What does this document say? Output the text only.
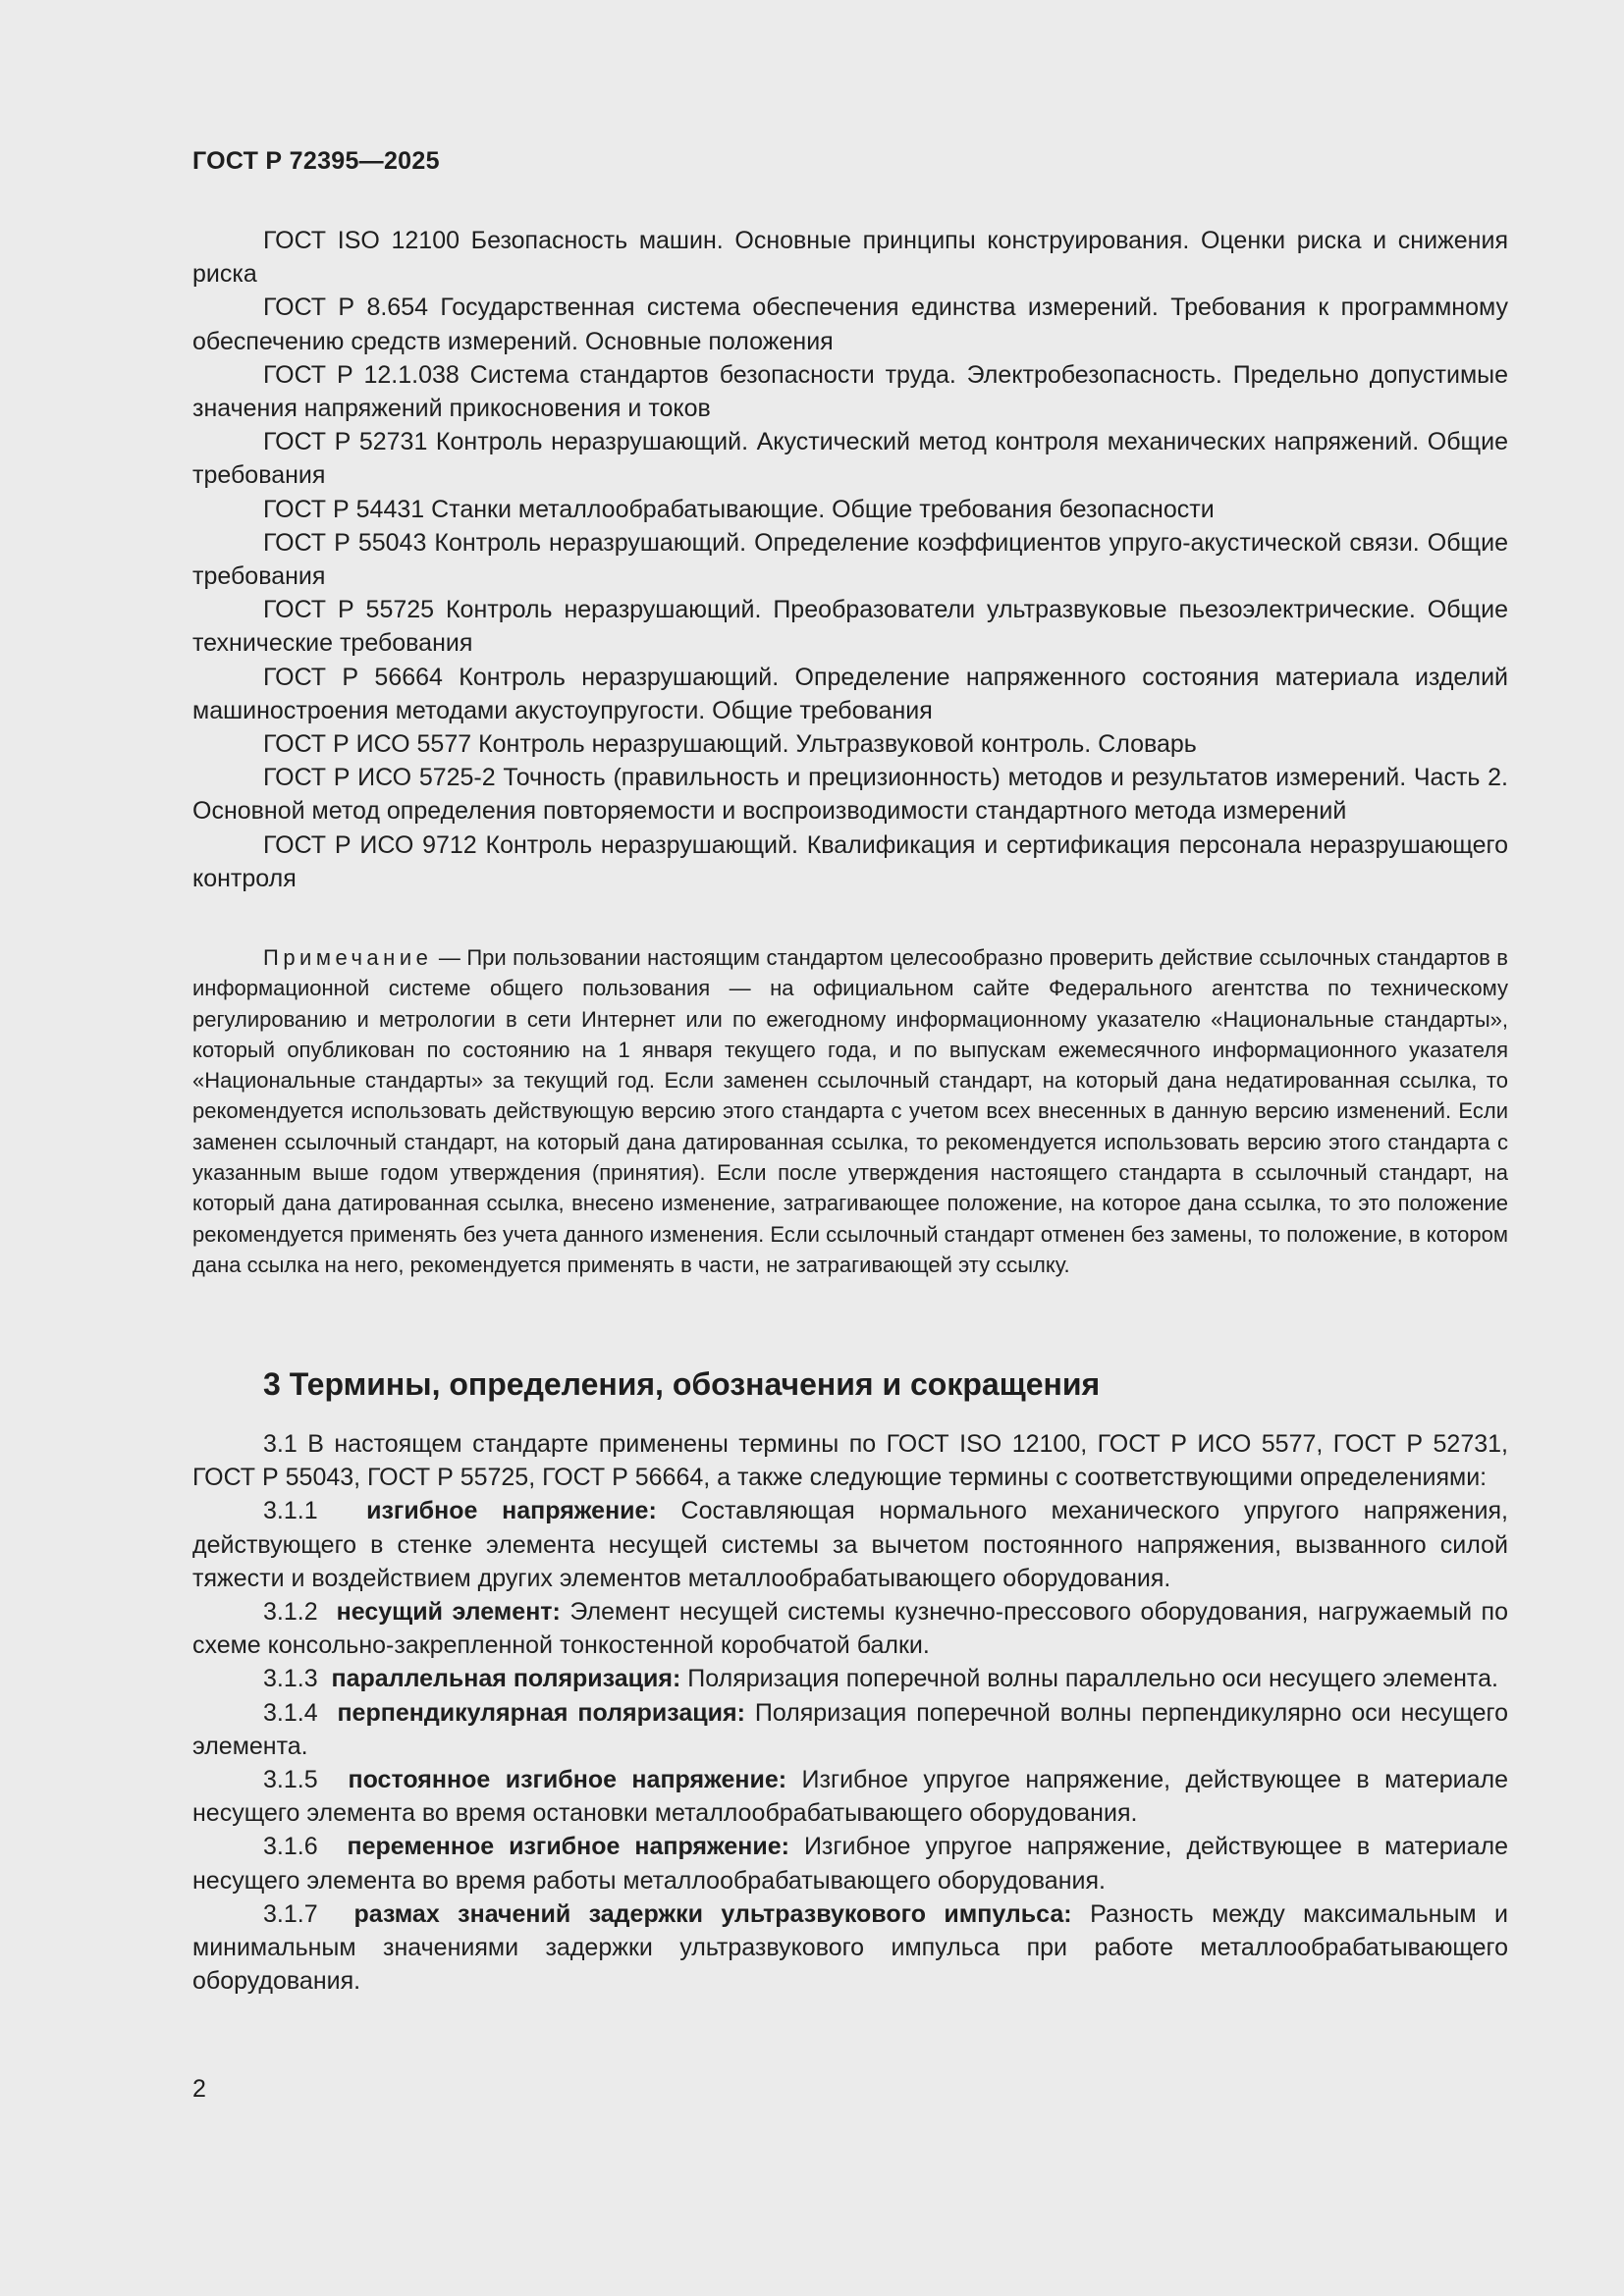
ГОСТ Р 72395—2025

ГОСТ ISO 12100 Безопасность машин. Основные принципы конструирования. Оценки риска и снижения риска

ГОСТ Р 8.654 Государственная система обеспечения единства измерений. Требования к программному обеспечению средств измерений. Основные положения

ГОСТ Р 12.1.038 Система стандартов безопасности труда. Электробезопасность. Предельно допустимые значения напряжений прикосновения и токов

ГОСТ Р 52731 Контроль неразрушающий. Акустический метод контроля механических напряжений. Общие требования

ГОСТ Р 54431 Станки металлообрабатывающие. Общие требования безопасности

ГОСТ Р 55043 Контроль неразрушающий. Определение коэффициентов упруго-акустической связи. Общие требования

ГОСТ Р 55725 Контроль неразрушающий. Преобразователи ультразвуковые пьезоэлектрические. Общие технические требования

ГОСТ Р 56664 Контроль неразрушающий. Определение напряженного состояния материала изделий машиностроения методами акустоупругости. Общие требования

ГОСТ Р ИСО 5577 Контроль неразрушающий. Ультразвуковой контроль. Словарь

ГОСТ Р ИСО 5725-2 Точность (правильность и прецизионность) методов и результатов измерений. Часть 2. Основной метод определения повторяемости и воспроизводимости стандартного метода измерений

ГОСТ Р ИСО 9712 Контроль неразрушающий. Квалификация и сертификация персонала неразрушающего контроля

Примечание — При пользовании настоящим стандартом целесообразно проверить действие ссылочных стандартов в информационной системе общего пользования — на официальном сайте Федерального агентства по техническому регулированию и метрологии в сети Интернет или по ежегодному информационному указателю «Национальные стандарты», который опубликован по состоянию на 1 января текущего года, и по выпускам ежемесячного информационного указателя «Национальные стандарты» за текущий год. Если заменен ссылочный стандарт, на который дана недатированная ссылка, то рекомендуется использовать действующую версию этого стандарта с учетом всех внесенных в данную версию изменений. Если заменен ссылочный стандарт, на который дана датированная ссылка, то рекомендуется использовать версию этого стандарта с указанным выше годом утверждения (принятия). Если после утверждения настоящего стандарта в ссылочный стандарт, на который дана датированная ссылка, внесено изменение, затрагивающее положение, на которое дана ссылка, то это положение рекомендуется применять без учета данного изменения. Если ссылочный стандарт отменен без замены, то положение, в котором дана ссылка на него, рекомендуется применять в части, не затрагивающей эту ссылку.

3 Термины, определения, обозначения и сокращения

3.1 В настоящем стандарте применены термины по ГОСТ ISO 12100, ГОСТ Р ИСО 5577, ГОСТ Р 52731, ГОСТ Р 55043, ГОСТ Р 55725, ГОСТ Р 56664, а также следующие термины с соответствующими определениями:

3.1.1 изгибное напряжение: Составляющая нормального механического упругого напряжения, действующего в стенке элемента несущей системы за вычетом постоянного напряжения, вызванного силой тяжести и воздействием других элементов металлообрабатывающего оборудования.

3.1.2 несущий элемент: Элемент несущей системы кузнечно-прессового оборудования, нагружаемый по схеме консольно-закрепленной тонкостенной коробчатой балки.

3.1.3 параллельная поляризация: Поляризация поперечной волны параллельно оси несущего элемента.

3.1.4 перпендикулярная поляризация: Поляризация поперечной волны перпендикулярно оси несущего элемента.

3.1.5 постоянное изгибное напряжение: Изгибное упругое напряжение, действующее в материале несущего элемента во время остановки металлообрабатывающего оборудования.

3.1.6 переменное изгибное напряжение: Изгибное упругое напряжение, действующее в материале несущего элемента во время работы металлообрабатывающего оборудования.

3.1.7 размах значений задержки ультразвукового импульса: Разность между максимальным и минимальным значениями задержки ультразвукового импульса при работе металлообрабатывающего оборудования.

2
